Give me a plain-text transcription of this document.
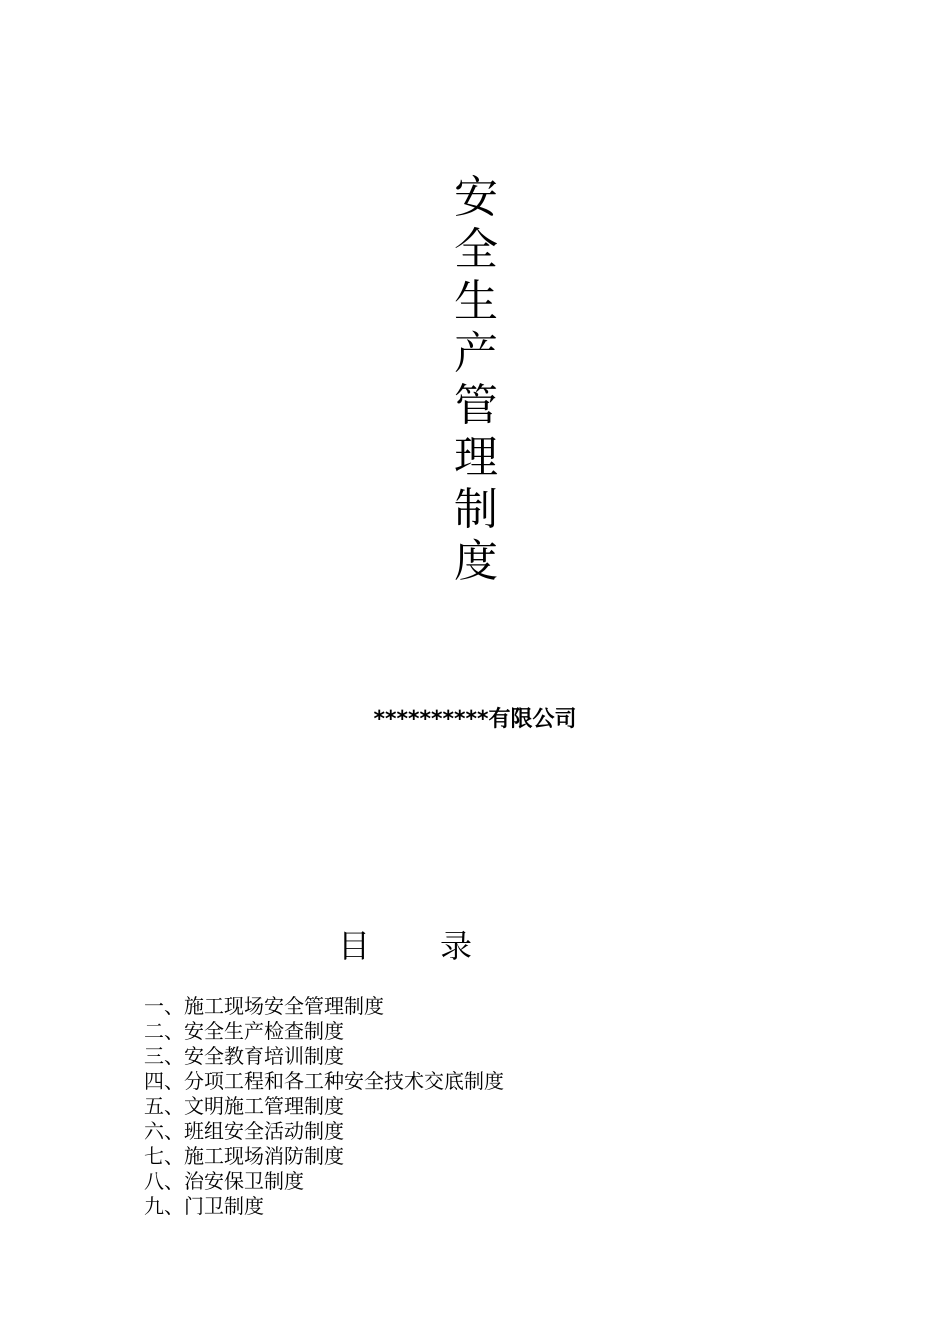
安
全
生
产
管
理
制
度
**********有限公司
目 录
一、施工现场安全管理制度
二、安全生产检查制度
三、安全教育培训制度
四、分项工程和各工种安全技术交底制度
五、文明施工管理制度
六、班组安全活动制度
七、施工现场消防制度
八、治安保卫制度
九、门卫制度
